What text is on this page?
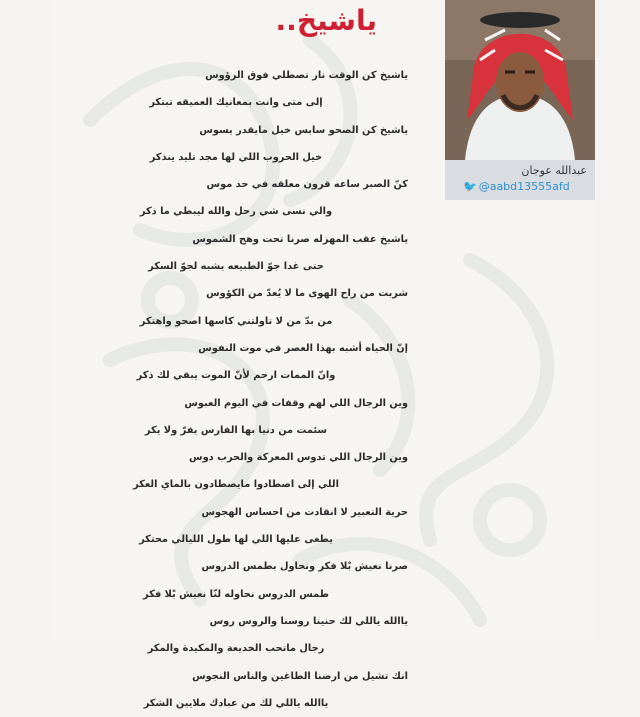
ياشيخ..
عبدالله عوجان
🐦 @aabd13555afd
ياشيخ كن الوقت نار تصطلي فوق الرؤوس
إلى متى وانت بمعانيك العميقه تبتكر
ياشيخ كن الصحو سايس خيل مايقدر يسوس
خيل الحروب اللي لها مجد تليد ينذكر
كنّ الصبر ساعه قرون معلقه في حد موس
والي نسى شي رحل والله ليبطي ما ذكر
ياشيخ عقب المهزله صرنا تحت وهج الشموس
حتى غدا جوّ الطبيعه يشبه لجوّ السكر
شربت من راح الهوى ما لا يُعدّ من الكؤوس
من بدّ من لا تاولتني كاسها اصحو واهتكر
إنّ الحياه أشبه بهذا العصر في موت النفوس
وانّ الممات ارحم لأنّ الموت يبقي لك ذكر
وين الرجال اللي لهم وقفات في اليوم العبوس
سئمت من دنيا بها الفارس يفرّ ولا يكر
وين الرجال اللي تدوس المعركة والحرب دوس
اللي إلى اصطادوا مايصطادون بالماي العكر
حرية التعبير لا انقادت من احساس الهجوس
يطغى عليها اللي لها طول الليالي محتكر
صرنا نعيش بْلا فكر ونحاول بطمس الدروس
طمس الدروس نحاوله لنّا نعيش بْلا فكر
ياالله ياللي لك حنينا روسنا والروس روس
رجال ماتحب الخديعة والمكيدة والمكر
انك تشيل من ارضنا الطاغين والناس النجوس
ياالله ياللي لك من عبادك ملايين الشكر
